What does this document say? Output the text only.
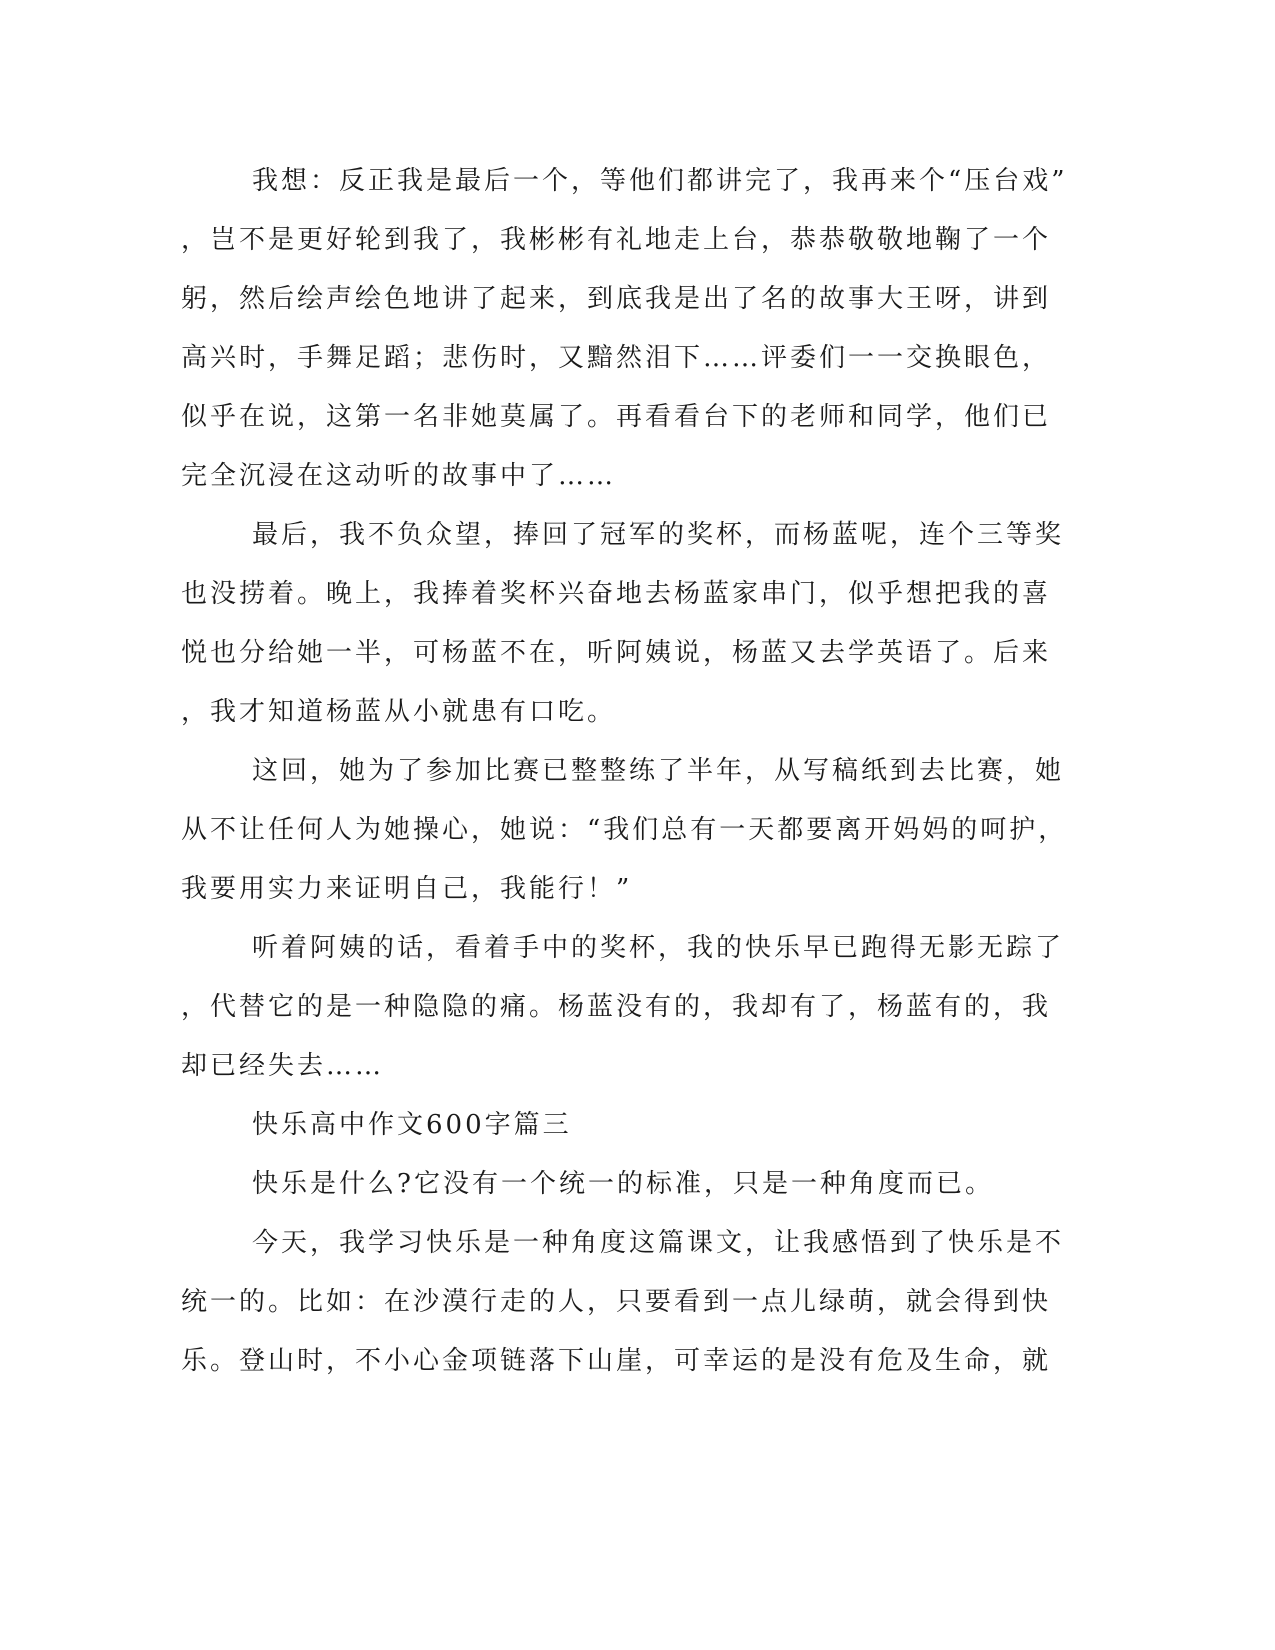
我想：反正我是最后一个，等他们都讲完了，我再来个“压台戏”

，岂不是更好轮到我了，我彬彬有礼地走上台，恭恭敬敬地鞠了一个

躬，然后绘声绘色地讲了起来，到底我是出了名的故事大王呀，讲到

高兴时，手舞足蹈；悲伤时，又黯然泪下……评委们一一交换眼色，

似乎在说，这第一名非她莫属了。再看看台下的老师和同学，他们已

完全沉浸在这动听的故事中了……

最后，我不负众望，捧回了冠军的奖杯，而杨蓝呢，连个三等奖

也没捞着。晚上，我捧着奖杯兴奋地去杨蓝家串门，似乎想把我的喜

悦也分给她一半，可杨蓝不在，听阿姨说，杨蓝又去学英语了。后来

，我才知道杨蓝从小就患有口吃。

这回，她为了参加比赛已整整练了半年，从写稿纸到去比赛，她

从不让任何人为她操心，她说：“我们总有一天都要离开妈妈的呵护，

我要用实力来证明自己，我能行！”

听着阿姨的话，看着手中的奖杯，我的快乐早已跑得无影无踪了

，代替它的是一种隐隐的痛。杨蓝没有的，我却有了，杨蓝有的，我

却已经失去……

快乐高中作文600字篇三

快乐是什么?它没有一个统一的标准，只是一种角度而已。

今天，我学习快乐是一种角度这篇课文，让我感悟到了快乐是不

统一的。比如：在沙漠行走的人，只要看到一点儿绿萌，就会得到快

乐。登山时，不小心金项链落下山崖，可幸运的是没有危及生命，就
